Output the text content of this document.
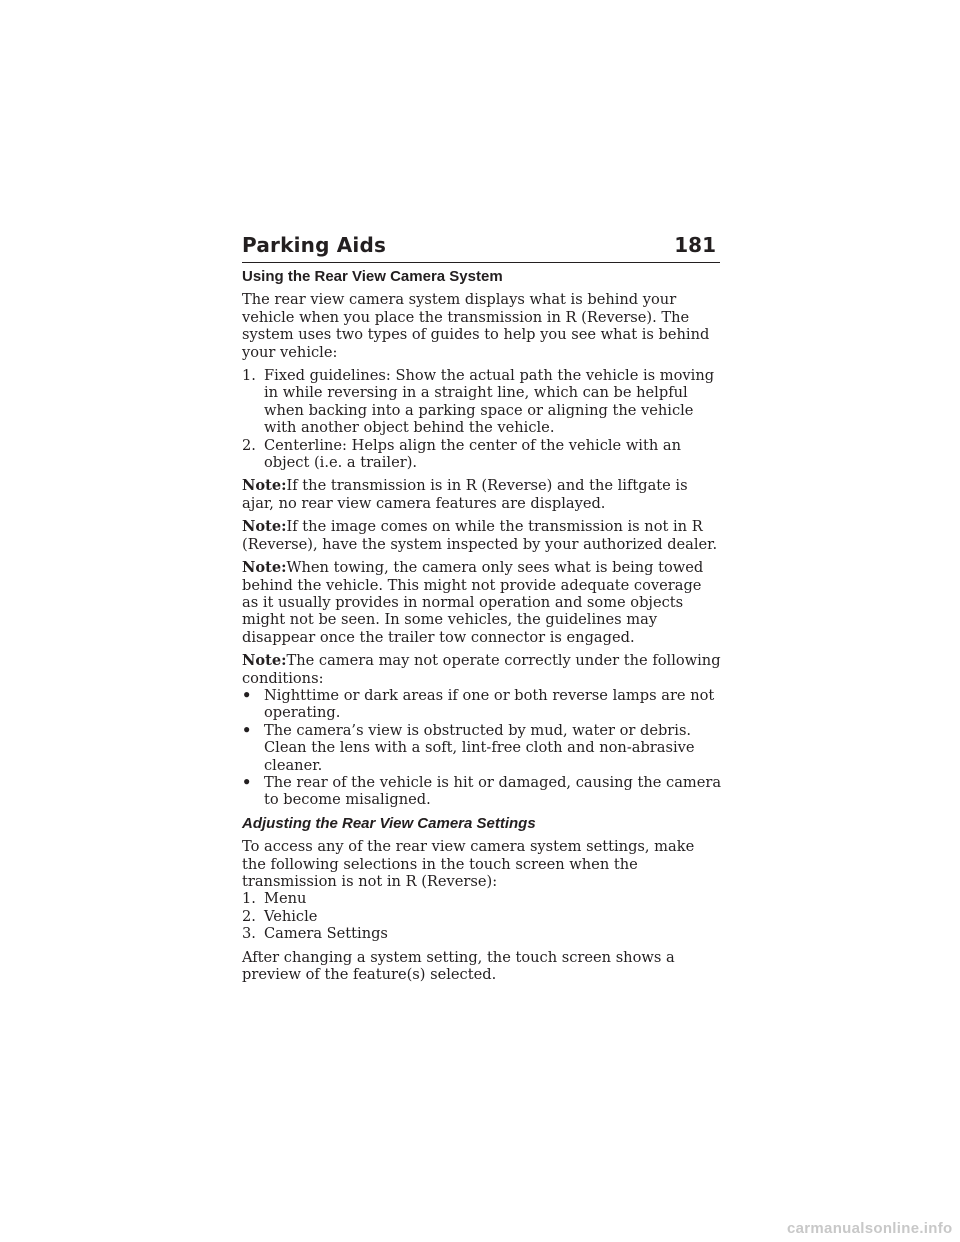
Parking Aids	181
Using the Rear View Camera System

The rear view camera system displays what is behind your vehicle when you place the transmission in R (Reverse). The system uses two types of guides to help you see what is behind your vehicle:

1. Fixed guidelines: Show the actual path the vehicle is moving in while reversing in a straight line, which can be helpful when backing into a parking space or aligning the vehicle with another object behind the vehicle.
2. Centerline: Helps align the center of the vehicle with an object (i.e. a trailer).

Note:If the transmission is in R (Reverse) and the liftgate is ajar, no rear view camera features are displayed.

Note:If the image comes on while the transmission is not in R (Reverse), have the system inspected by your authorized dealer.

Note:When towing, the camera only sees what is being towed behind the vehicle. This might not provide adequate coverage as it usually provides in normal operation and some objects might not be seen. In some vehicles, the guidelines may disappear once the trailer tow connector is engaged.

Note:The camera may not operate correctly under the following conditions:
• Nighttime or dark areas if one or both reverse lamps are not operating.
• The camera’s view is obstructed by mud, water or debris. Clean the lens with a soft, lint-free cloth and non-abrasive cleaner.
• The rear of the vehicle is hit or damaged, causing the camera to become misaligned.
Adjusting the Rear View Camera Settings
To access any of the rear view camera system settings, make the following selections in the touch screen when the transmission is not in R (Reverse):
1. Menu
2. Vehicle
3. Camera Settings

After changing a system setting, the touch screen shows a preview of the feature(s) selected.

carmanualsonline.info
